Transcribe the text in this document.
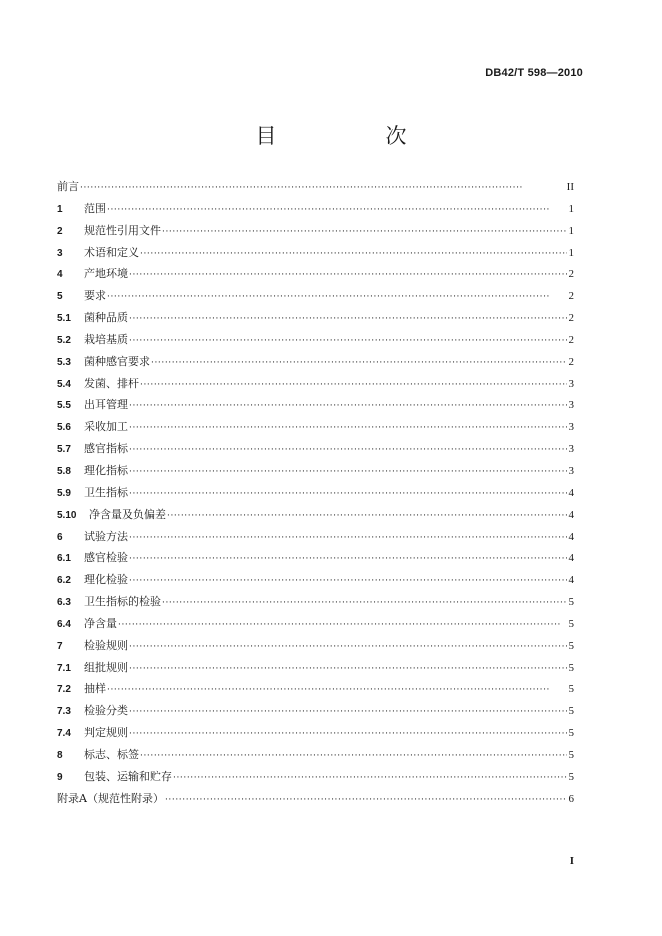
DB42/T 598—2010
目　次
前言 ·····	II
1	范围 ·····	1
2	规范性引用文件 ·····	1
3	术语和定义 ·····	1
4	产地环境 ·····	2
5	要求 ·····	2
5.1	菌种品质 ·····	2
5.2	栽培基质 ·····	2
5.3	菌种感官要求 ·····	2
5.4	发菌、排杆 ·····	3
5.5	出耳管理 ·····	3
5.6	采收加工 ·····	3
5.7	感官指标 ·····	3
5.8	理化指标 ·····	3
5.9	卫生指标 ·····	4
5.10	净含量及负偏差 ·····	4
6	试验方法 ·····	4
6.1	感官检验 ·····	4
6.2	理化检验 ·····	4
6.3	卫生指标的检验 ·····	5
6.4	净含量 ·····	5
7	检验规则 ·····	5
7.1	组批规则 ·····	5
7.2	抽样 ·····	5
7.3	检验分类 ·····	5
7.4	判定规则 ·····	5
8	标志、标签 ·····	5
9	包装、运输和贮存 ·····	5
附录A（规范性附录） ·····	6
I
